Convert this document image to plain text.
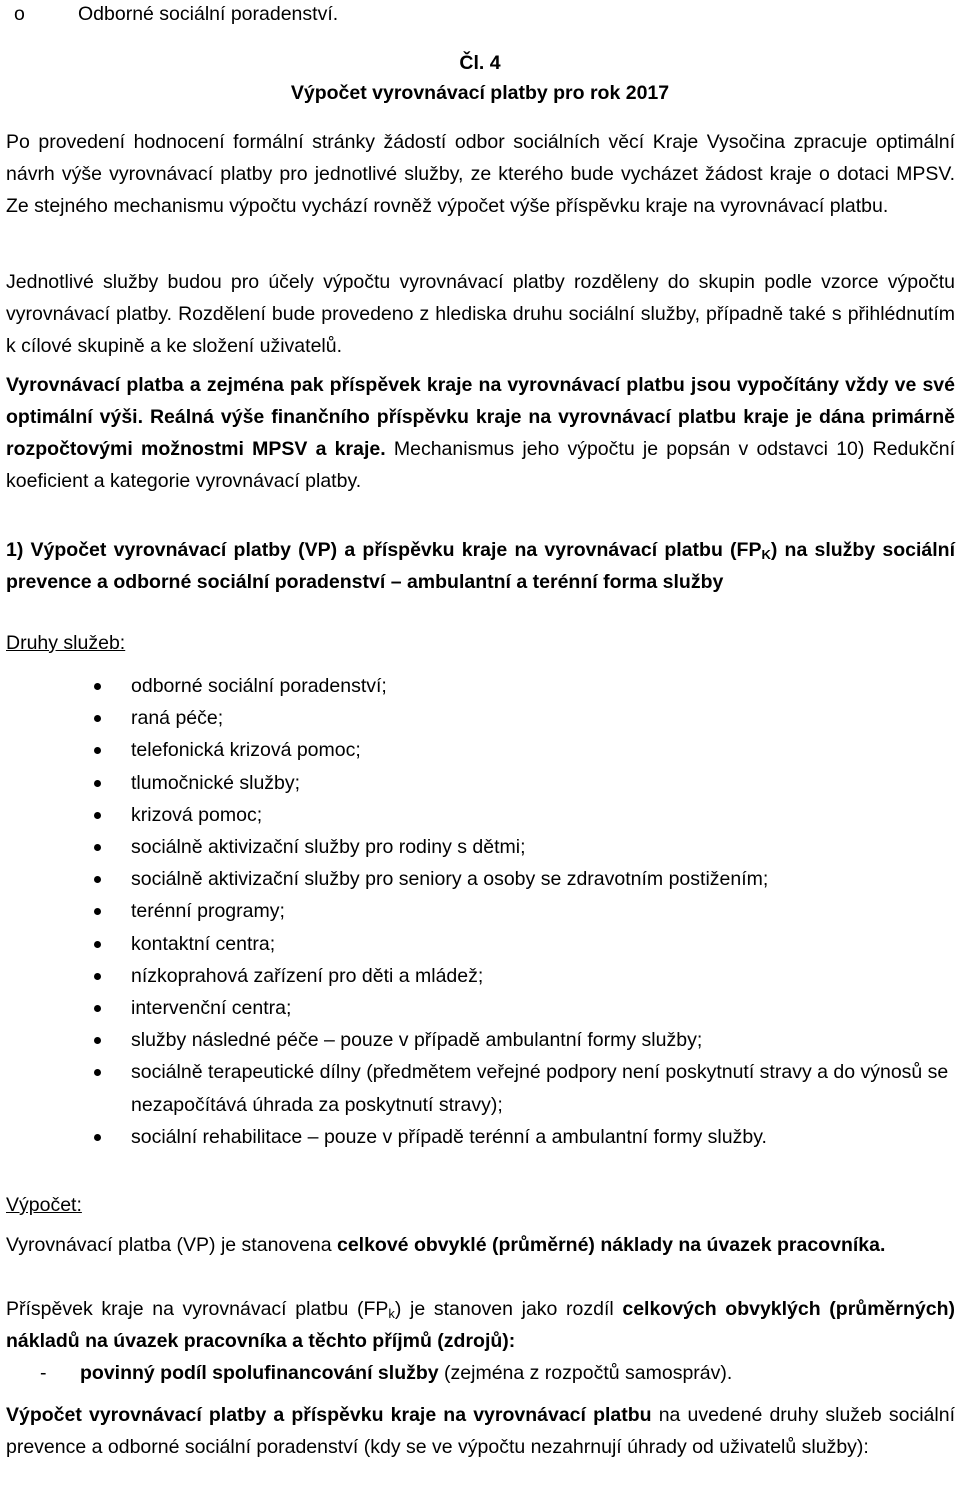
o	Odborné sociální poradenství.
Čl. 4
Výpočet vyrovnávací platby pro rok 2017

Po provedení hodnocení formální stránky žádostí odbor sociálních věcí Kraje Vysočina zpracuje optimální návrh výše vyrovnávací platby pro jednotlivé služby, ze kterého bude vycházet žádost kraje o dotaci MPSV. Ze stejného mechanismu výpočtu vychází rovněž výpočet výše příspěvku kraje na vyrovnávací platbu.

Jednotlivé služby budou pro účely výpočtu vyrovnávací platby rozděleny do skupin podle vzorce výpočtu vyrovnávací platby. Rozdělení bude provedeno z hlediska druhu sociální služby, případně také s přihlédnutím k cílové skupině a ke složení uživatelů.

Vyrovnávací platba a zejména pak příspěvek kraje na vyrovnávací platbu jsou vypočítány vždy ve své optimální výši. Reálná výše finančního příspěvku kraje na vyrovnávací platbu kraje je dána primárně rozpočtovými možnostmi MPSV a kraje. Mechanismus jeho výpočtu je popsán v odstavci 10) Redukční koeficient a kategorie vyrovnávací platby.

1) Výpočet vyrovnávací platby (VP) a příspěvku kraje na vyrovnávací platbu $(FP_K)$ na služby sociální prevence a odborné sociální poradenství – ambulantní a terénní forma služby

Druhy služeb:
odborné sociální poradenství;
raná péče;
telefonická krizová pomoc;
tlumočnické služby;
krizová pomoc;
sociálně aktivizační služby pro rodiny s dětmi;
sociálně aktivizační služby pro seniory a osoby se zdravotním postižením;
terénní programy;
kontaktní centra;
nízkoprahová zařízení pro děti a mládež;
intervenční centra;
služby následné péče – pouze v případě ambulantní formy služby;
sociálně terapeutické dílny (předmětem veřejné podpory není poskytnutí stravy a do výnosů se nezapočítává úhrada za poskytnutí stravy);
sociální rehabilitace – pouze v případě terénní a ambulantní formy služby.
Výpočet:

Vyrovnávací platba (VP) je stanovena celkové obvyklé (průměrné) náklady na úvazek pracovníka.

Příspěvek kraje na vyrovnávací platbu $(FP_k)$ je stanoven jako rozdíl celkových obvyklých (průměrných) nákladů na úvazek pracovníka a těchto příjmů (zdrojů):

- povinný podíl spolufinancování služby (zejména z rozpočtů samospráv).

Výpočet vyrovnávací platby a příspěvku kraje na vyrovnávací platbu na uvedené druhy služeb sociální prevence a odborné sociální poradenství (kdy se ve výpočtu nezahrnují úhrady od uživatelů služby):
